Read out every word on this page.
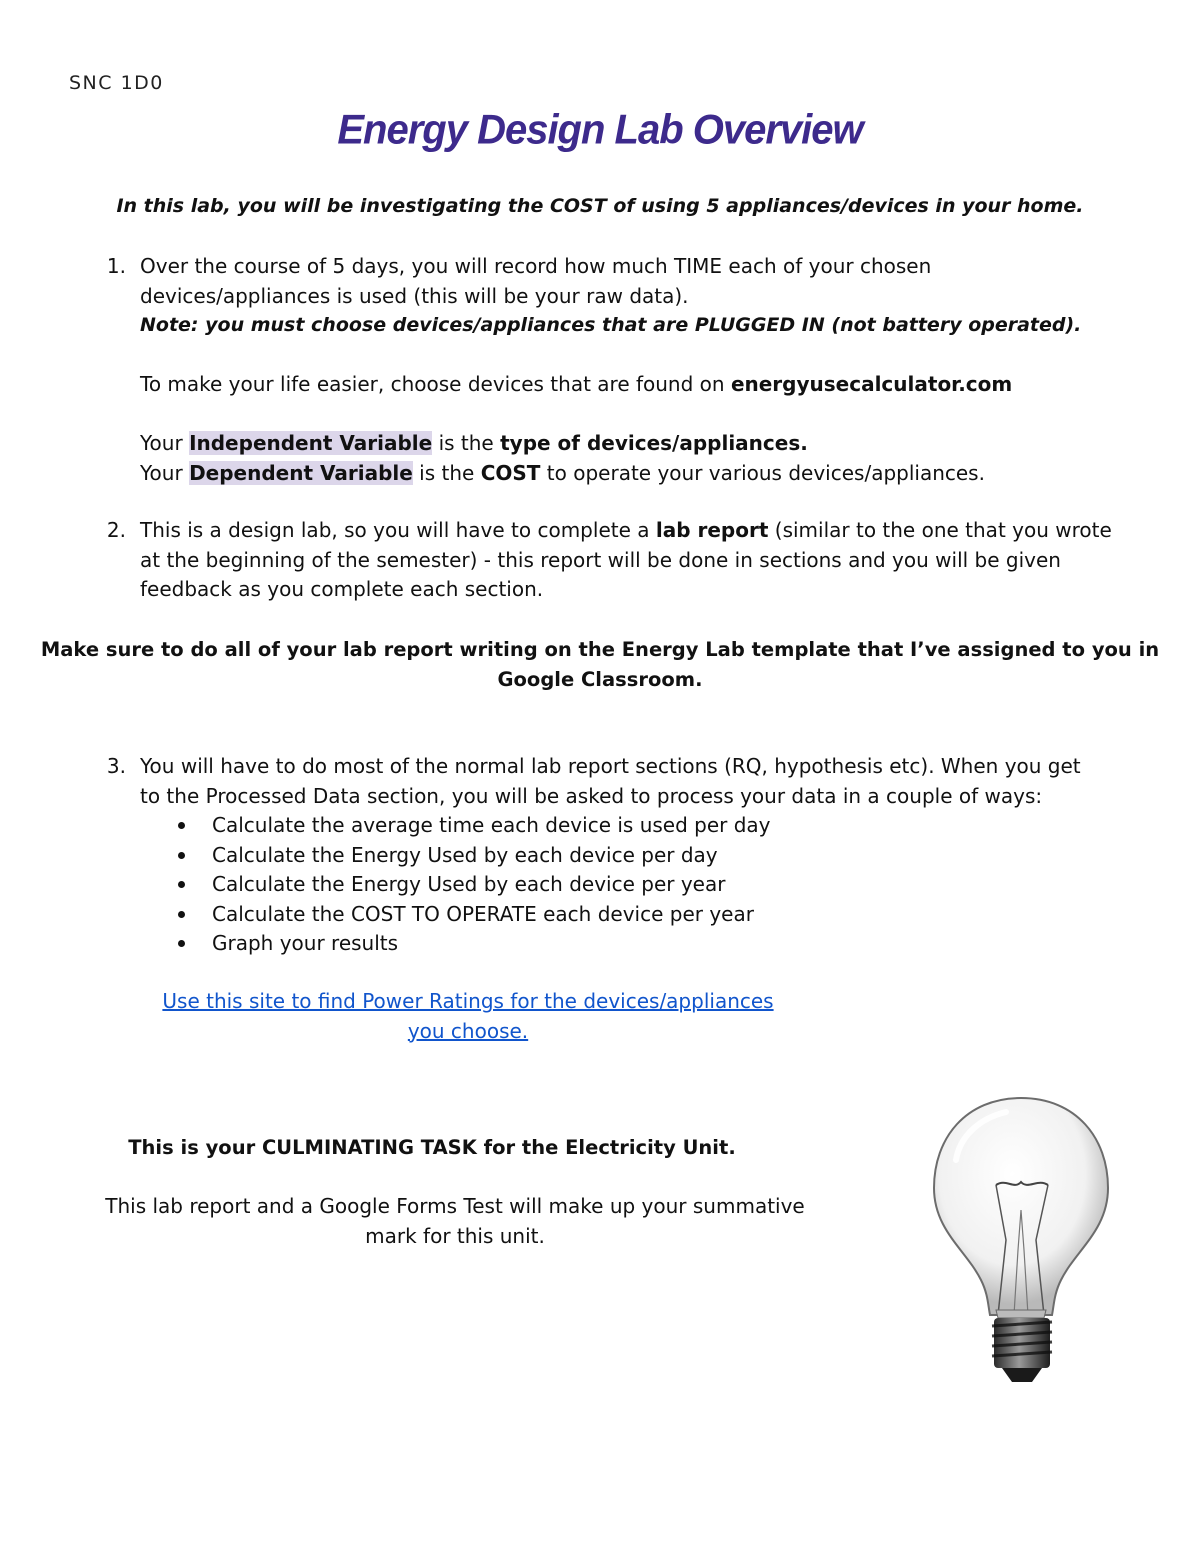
SNC 1D0
Energy Design Lab Overview
In this lab, you will be investigating the COST of using 5 appliances/devices in your home.
1. Over the course of 5 days, you will record how much TIME each of your chosen
devices/appliances is used (this will be your raw data).
Note: you must choose devices/appliances that are PLUGGED IN (not battery operated).

To make your life easier, choose devices that are found on energyusecalculator.com

Your Independent Variable is the type of devices/appliances.
Your Dependent Variable is the COST to operate your various devices/appliances.
2. This is a design lab, so you will have to complete a lab report (similar to the one that you wrote
at the beginning of the semester) - this report will be done in sections and you will be given
feedback as you complete each section.
Make sure to do all of your lab report writing on the Energy Lab template that I’ve assigned to you in
Google Classroom.
3. You will have to do most of the normal lab report sections (RQ, hypothesis etc). When you get
to the Processed Data section, you will be asked to process your data in a couple of ways:
Calculate the average time each device is used per day
Calculate the Energy Used by each device per day
Calculate the Energy Used by each device per year
Calculate the COST TO OPERATE each device per year
Graph your results
Use this site to find Power Ratings for the devices/appliances
you choose.
This is your CULMINATING TASK for the Electricity Unit.
This lab report and a Google Forms Test will make up your summative
mark for this unit.
